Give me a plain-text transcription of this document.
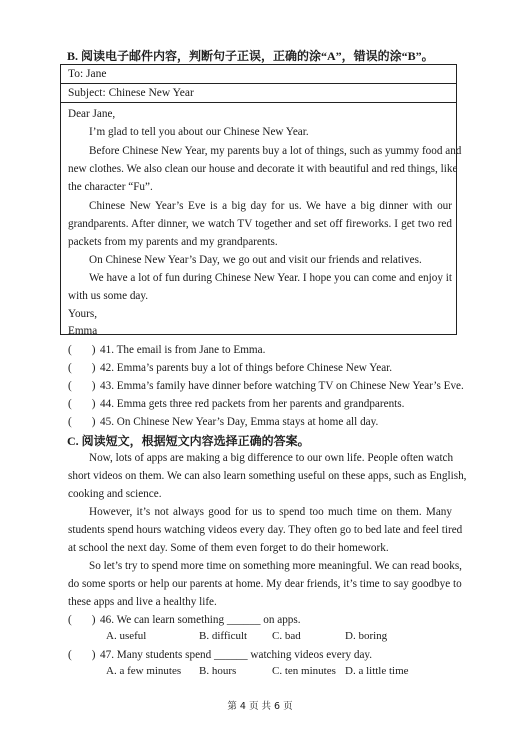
B. 阅读电子邮件内容，判断句子正误，正确的涂“A”，错误的涂“B”。
To: Jane
Subject: Chinese New Year
Dear Jane,
I’m glad to tell you about our Chinese New Year.
Before Chinese New Year, my parents buy a lot of things, such as yummy food and
new clothes. We also clean our house and decorate it with beautiful and red things, like
the character “Fu”.
Chinese New Year’s Eve is a big day for us. We have a big dinner with our
grandparents. After dinner, we watch TV together and set off fireworks. I get two red
packets from my parents and my grandparents.
On Chinese New Year’s Day, we go out and visit our friends and relatives.
We have a lot of fun during Chinese New Year. I hope you can come and enjoy it
with us some day.
Yours,
Emma
( ) 41. The email is from Jane to Emma.
( ) 42. Emma’s parents buy a lot of things before Chinese New Year.
( ) 43. Emma’s family have dinner before watching TV on Chinese New Year’s Eve.
( ) 44. Emma gets three red packets from her parents and grandparents.
( ) 45. On Chinese New Year’s Day, Emma stays at home all day.
C. 阅读短文，根据短文内容选择正确的答案。
Now, lots of apps are making a big difference to our own life. People often watch
short videos on them. We can also learn something useful on these apps, such as English,
cooking and science.
However, it’s not always good for us to spend too much time on them. Many
students spend hours watching videos every day. They often go to bed late and feel tired
at school the next day. Some of them even forget to do their homework.
So let’s try to spend more time on something more meaningful. We can read books,
do some sports or help our parents at home. My dear friends, it’s time to say goodbye to
these apps and live a healthy life.
( ) 46. We can learn something ______ on apps.
A. useful	B. difficult C. bad	D. boring
( ) 47. Many students spend ______ watching videos every day.
A. a few minutes B. hours	C. ten minutes D. a little time
第 4 页 共 6 页
